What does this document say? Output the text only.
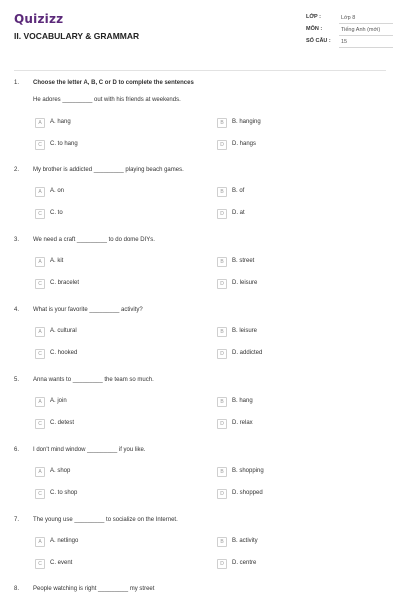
Quizizz
II. VOCABULARY & GRAMMAR
LỚP :	Lớp 8
MÔN :	Tiếng Anh (mới)
SỐ CÂU :	15
1. Choose the letter A, B, C or D to complete the sentences
He adores _________ out with his friends at weekends.
A	A. hang	B	B. hanging
C	C. to hang	D	D. hangs
2. My brother is addicted _________ playing beach games.
A	A. on	B	B. of
C	C. to	D	D. at
3. We need a craft _________ to do dome DIYs.
A	A. kit	B	B. street
C	C. bracelet	D	D. leisure
4. What is your favorite _________ activity?
A	A. cultural	B	B. leisure
C	C. hooked	D	D. addicted
5. Anna wants to _________ the team so much.
A	A. join	B	B. hang
C	C. detest	D	D. relax
6. I don't mind window _________ if you like.
A	A. shop	B	B. shopping
C	C. to shop	D	D. shopped
7. The young use _________ to socialize on the Internet.
A	A. netlingo	B	B. activity
C	C. event	D	D. centre
8. People watching is right _________ my street
